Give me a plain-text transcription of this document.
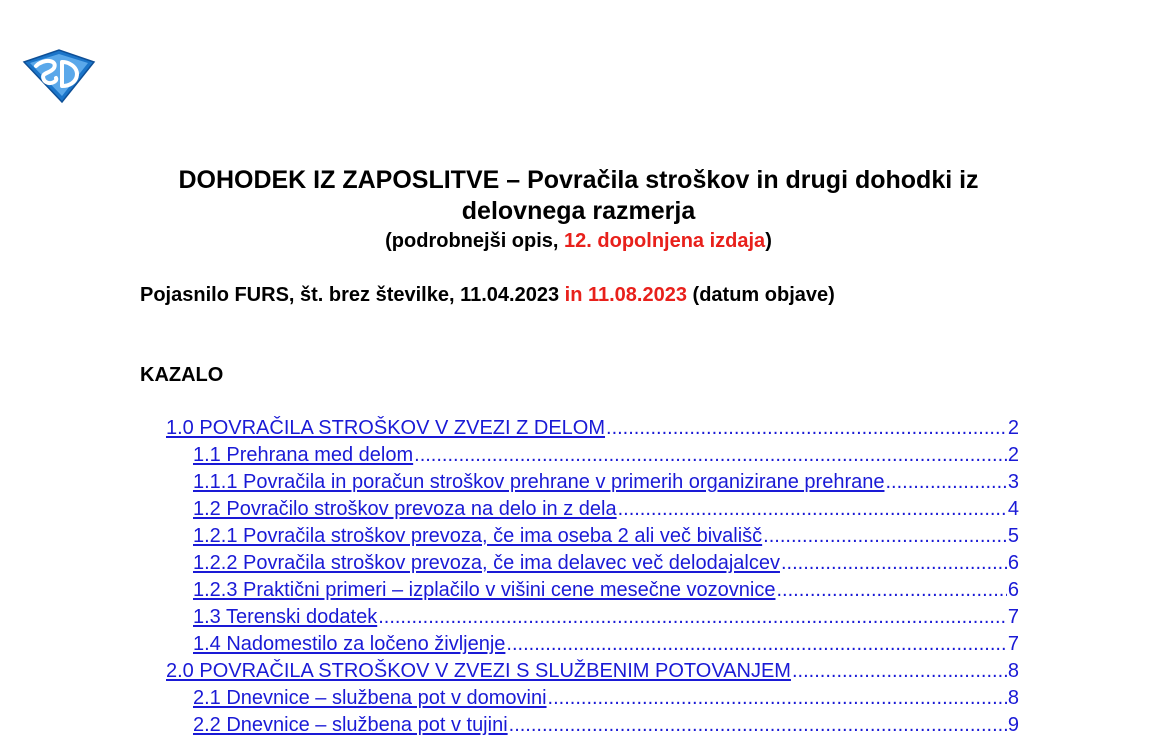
DOHODEK IZ ZAPOSLITVE – Povračila stroškov in drugi dohodki iz
delovnega razmerja
(podrobnejši opis, 12. dopolnjena izdaja)
Pojasnilo FURS, št. brez številke, 11.04.2023 in 11.08.2023 (datum objave)
KAZALO
1.0 POVRAČILA STROŠKOV V ZVEZI Z DELOM .....	2
1.1 Prehrana med delom .....	2
1.1.1 Povračila in poračun stroškov prehrane v primerih organizirane prehrane .....	3
1.2 Povračilo stroškov prevoza na delo in z dela .....	4
1.2.1 Povračila stroškov prevoza, če ima oseba 2 ali več bivališč .....	5
1.2.2 Povračila stroškov prevoza, če ima delavec več delodajalcev .....	6
1.2.3 Praktični primeri – izplačilo v višini cene mesečne vozovnice .....	6
1.3 Terenski dodatek .....	7
1.4 Nadomestilo za ločeno življenje .....	7
2.0 POVRAČILA STROŠKOV V ZVEZI S SLUŽBENIM POTOVANJEM .....	8
2.1 Dnevnice – službena pot v domovini .....	8
2.2 Dnevnice – službena pot v tujini .....	9
